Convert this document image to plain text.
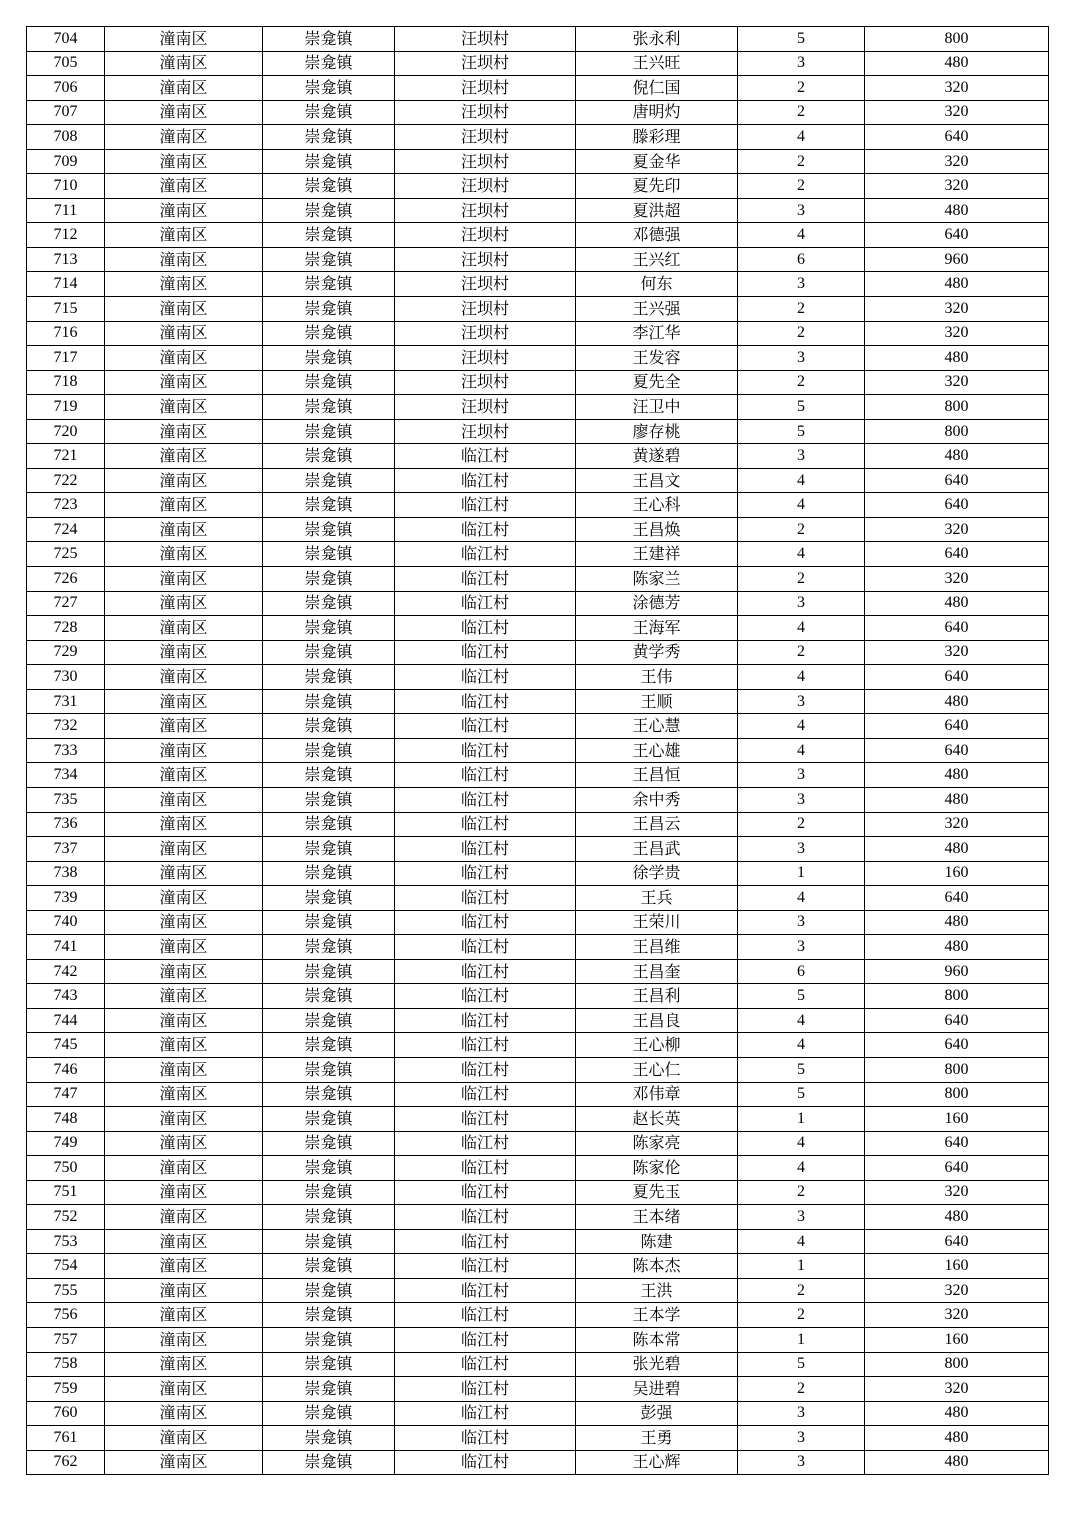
704	潼南区	崇龛镇	汪坝村	张永利	5	800
705	潼南区	崇龛镇	汪坝村	王兴旺	3	480
706	潼南区	崇龛镇	汪坝村	倪仁国	2	320
707	潼南区	崇龛镇	汪坝村	唐明灼	2	320
708	潼南区	崇龛镇	汪坝村	滕彩理	4	640
709	潼南区	崇龛镇	汪坝村	夏金华	2	320
710	潼南区	崇龛镇	汪坝村	夏先印	2	320
711	潼南区	崇龛镇	汪坝村	夏洪超	3	480
712	潼南区	崇龛镇	汪坝村	邓德强	4	640
713	潼南区	崇龛镇	汪坝村	王兴红	6	960
714	潼南区	崇龛镇	汪坝村	何东	3	480
715	潼南区	崇龛镇	汪坝村	王兴强	2	320
716	潼南区	崇龛镇	汪坝村	李江华	2	320
717	潼南区	崇龛镇	汪坝村	王发容	3	480
718	潼南区	崇龛镇	汪坝村	夏先全	2	320
719	潼南区	崇龛镇	汪坝村	汪卫中	5	800
720	潼南区	崇龛镇	汪坝村	廖存桃	5	800
721	潼南区	崇龛镇	临江村	黄遂碧	3	480
722	潼南区	崇龛镇	临江村	王昌文	4	640
723	潼南区	崇龛镇	临江村	王心科	4	640
724	潼南区	崇龛镇	临江村	王昌焕	2	320
725	潼南区	崇龛镇	临江村	王建祥	4	640
726	潼南区	崇龛镇	临江村	陈家兰	2	320
727	潼南区	崇龛镇	临江村	涂德芳	3	480
728	潼南区	崇龛镇	临江村	王海军	4	640
729	潼南区	崇龛镇	临江村	黄学秀	2	320
730	潼南区	崇龛镇	临江村	王伟	4	640
731	潼南区	崇龛镇	临江村	王顺	3	480
732	潼南区	崇龛镇	临江村	王心慧	4	640
733	潼南区	崇龛镇	临江村	王心雄	4	640
734	潼南区	崇龛镇	临江村	王昌恒	3	480
735	潼南区	崇龛镇	临江村	余中秀	3	480
736	潼南区	崇龛镇	临江村	王昌云	2	320
737	潼南区	崇龛镇	临江村	王昌武	3	480
738	潼南区	崇龛镇	临江村	徐学贵	1	160
739	潼南区	崇龛镇	临江村	王兵	4	640
740	潼南区	崇龛镇	临江村	王荣川	3	480
741	潼南区	崇龛镇	临江村	王昌维	3	480
742	潼南区	崇龛镇	临江村	王昌奎	6	960
743	潼南区	崇龛镇	临江村	王昌利	5	800
744	潼南区	崇龛镇	临江村	王昌良	4	640
745	潼南区	崇龛镇	临江村	王心柳	4	640
746	潼南区	崇龛镇	临江村	王心仁	5	800
747	潼南区	崇龛镇	临江村	邓伟章	5	800
748	潼南区	崇龛镇	临江村	赵长英	1	160
749	潼南区	崇龛镇	临江村	陈家亮	4	640
750	潼南区	崇龛镇	临江村	陈家伦	4	640
751	潼南区	崇龛镇	临江村	夏先玉	2	320
752	潼南区	崇龛镇	临江村	王本绪	3	480
753	潼南区	崇龛镇	临江村	陈建	4	640
754	潼南区	崇龛镇	临江村	陈本杰	1	160
755	潼南区	崇龛镇	临江村	王洪	2	320
756	潼南区	崇龛镇	临江村	王本学	2	320
757	潼南区	崇龛镇	临江村	陈本常	1	160
758	潼南区	崇龛镇	临江村	张光碧	5	800
759	潼南区	崇龛镇	临江村	吴进碧	2	320
760	潼南区	崇龛镇	临江村	彭强	3	480
761	潼南区	崇龛镇	临江村	王勇	3	480
762	潼南区	崇龛镇	临江村	王心辉	3	480
